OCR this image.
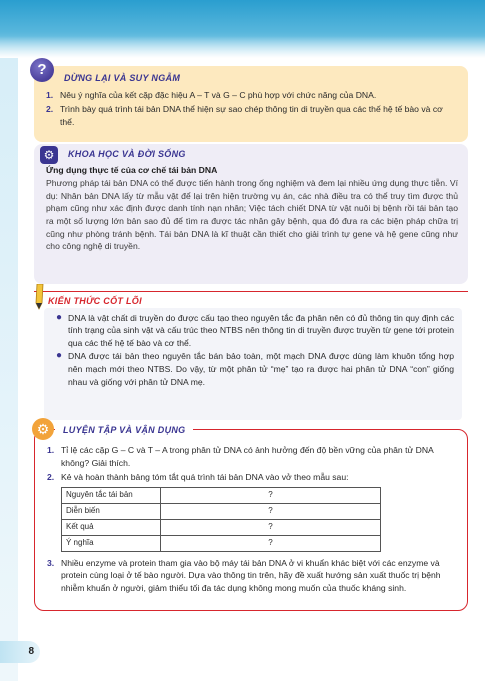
?	DỪNG LẠI VÀ SUY NGẪM
1. Nêu ý nghĩa của kết cặp đặc hiệu A – T và G – C phù hợp với chức năng của DNA.
2. Trình bày quá trình tái bản DNA thể hiện sự sao chép thông tin di truyền qua các thế hệ tế bào và cơ thể.
⚙	KHOA HỌC VÀ ĐỜI SỐNG
Ứng dụng thực tế của cơ chế tái bản DNA
Phương pháp tái bản DNA có thể được tiến hành trong ống nghiệm và đem lại nhiều ứng dụng thực tiễn. Ví dụ: Nhân bản DNA lấy từ mẫu vật để lại trên hiện trường vụ án, các nhà điều tra có thể truy tìm được thủ phạm cũng như xác định được danh tính nạn nhân; Việc tách chiết DNA từ vật nuôi bị bệnh rồi tái bản tạo ra một số lượng lớn bản sao đủ để tìm ra được tác nhân gây bệnh, qua đó đưa ra các biện pháp chữa trị cũng như phòng tránh bệnh. Tái bản DNA là kĩ thuật cần thiết cho giải trình tự gene và hệ gene cũng như cho công nghệ di truyền.
KIẾN THỨC CỐT LÕI
● DNA là vật chất di truyền do được cấu tạo theo nguyên tắc đa phân nên có đủ thông tin quy định các tính trạng của sinh vật và cấu trúc theo NTBS nên thông tin di truyền được truyền từ gene tới protein qua các thế hệ tế bào và cơ thể.
● DNA được tái bản theo nguyên tắc bán bảo toàn, một mạch DNA được dùng làm khuôn tổng hợp nên mạch mới theo NTBS. Do vậy, từ một phân tử “mẹ” tạo ra được hai phân tử DNA “con” giống nhau và giống với phân tử DNA mẹ.
⚙	LUYỆN TẬP VÀ VẬN DỤNG
1. Tỉ lệ các cặp G – C và T – A trong phân tử DNA có ảnh hưởng đến độ bền vững của phân tử DNA không? Giải thích.
2. Kẻ và hoàn thành bảng tóm tắt quá trình tái bản DNA vào vở theo mẫu sau:
Nguyên tắc tái bản	?
Diễn biến	?
Kết quả	?
Ý nghĩa	?
3. Nhiều enzyme và protein tham gia vào bộ máy tái bản DNA ở vi khuẩn khác biệt với các enzyme và protein cùng loại ở tế bào người. Dựa vào thông tin trên, hãy đề xuất hướng sản xuất thuốc trị bệnh nhiễm khuẩn ở người, giảm thiểu tối đa tác dụng không mong muốn của thuốc kháng sinh.
8
